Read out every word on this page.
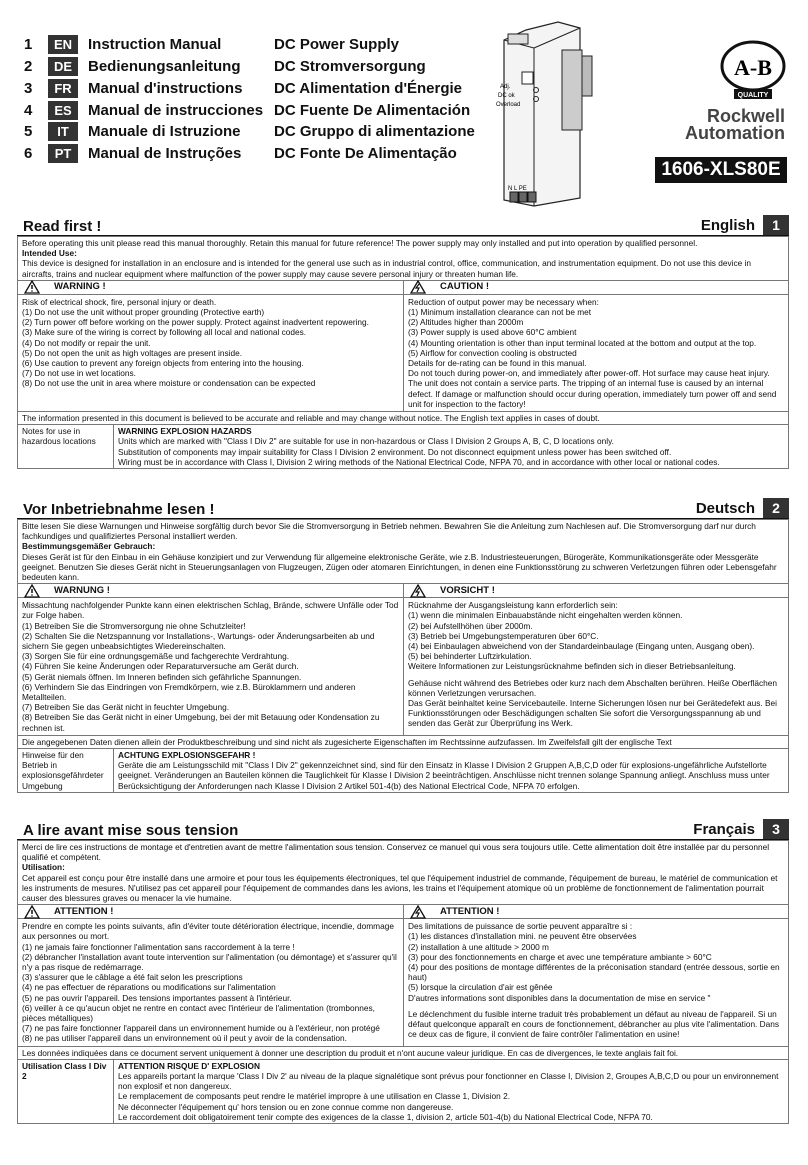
1	EN	Instruction Manual	DC Power Supply
2	DE	Bedienungsanleitung	DC Stromversorgung
3	FR	Manual d'instructions	DC Alimentation d'Énergie
4	ES	Manual de instrucciones DC Fuente De Alimentación
5	IT	Manuale di Istruzione	DC Gruppo di alimentazione
6	PT	Manual de Instruções	DC Fonte De Alimentação
Adj.
DC ok
Overload
N L PE
A-B
QUALITY
Rockwell
Automation
1606-XLS80E
Read first !	English	1
Before operating this unit please read this manual thoroughly. Retain this manual for future reference! The power supply may only installed and put into operation by qualified personnel.
Intended Use:
This device is designed for installation in an enclosure and is intended for the general use such as in industrial control, office, communication, and instrumentation equipment. Do not use this device in aircrafts, trains and nuclear equipment where malfunction of the power supply may cause severe personal injury or threaten human life.
WARNING !
Risk of electrical shock, fire, personal injury or death.
(1) Do not use the unit without proper grounding (Protective earth)
(2) Turn power off before working on the power supply. Protect against inadvertent repowering.
(3) Make sure of the wiring is correct by following all local and national codes.
(4) Do not modify or repair the unit.
(5) Do not open the unit as high voltages are present inside.
(6) Use caution to prevent any foreign objects from entering into the housing.
(7) Do not use in wet locations.
(8) Do not use the unit in area where moisture or condensation can be expected
CAUTION !
Reduction of output power may be necessary when:
(1) Minimum installation clearance can not be met
(2) Altitudes higher than 2000m
(3) Power supply is used above 60°C ambient
(4) Mounting orientation is other than input terminal located at the bottom and output at the top.
(5) Airflow for convection cooling is obstructed
Details for de-rating can be found in this manual.
Do not touch during power-on, and immediately after power-off. Hot surface may cause heat injury.
The unit does not contain a service parts. The tripping of an internal fuse is caused by an internal defect. If damage or malfunction should occur during operation, immediately turn power off and send unit for inspection to the factory!
The information presented in this document is believed to be accurate and reliable and may change without notice. The English text applies in cases of doubt.
Notes for use in hazardous locations
WARNING EXPLOSION HAZARDS
Units which are marked with "Class I Div 2" are suitable for use in non-hazardous or Class I Division 2 Groups A, B, C, D locations only.
Substitution of components may impair suitability for Class I Division 2 environment. Do not disconnect equipment unless power has been switched off.
Wiring must be in accordance with Class I, Division 2 wiring methods of the National Electrical Code, NFPA 70, and in accordance with other local or national codes.
Vor Inbetriebnahme lesen !	Deutsch	2
Bitte lesen Sie diese Warnungen und Hinweise sorgfältig durch bevor Sie die Stromversorgung in Betrieb nehmen. Bewahren Sie die Anleitung zum Nachlesen auf. Die Stromversorgung darf nur durch fachkundiges und qualifiziertes Personal installiert werden.
Bestimmungsgemäßer Gebrauch:
Dieses Gerät ist für den Einbau in ein Gehäuse konzipiert und zur Verwendung für allgemeine elektronische Geräte, wie z.B. Industriesteuerungen, Bürogeräte, Kommunikationsgeräte oder Messgeräte geeignet. Benutzen Sie dieses Gerät nicht in Steuerungsanlagen von Flugzeugen, Zügen oder atomaren Einrichtungen, in denen eine Funktionsstörung zu schweren Verletzungen führen oder Lebensgefahr bedeuten kann.
WARNUNG !
Missachtung nachfolgender Punkte kann einen elektrischen Schlag, Brände, schwere Unfälle oder Tod zur Folge haben.
(1) Betreiben Sie die Stromversorgung nie ohne Schutzleiter!
(2) Schalten Sie die Netzspannung vor Installations-, Wartungs- oder Änderungsarbeiten ab und sichern Sie gegen unbeabsichtigtes Wiedereinschalten.
(3) Sorgen Sie für eine ordnungsgemäße und fachgerechte Verdrahtung.
(4) Führen Sie keine Änderungen oder Reparaturversuche am Gerät durch.
(5) Gerät niemals öffnen. Im Inneren befinden sich gefährliche Spannungen.
(6) Verhindern Sie das Eindringen von Fremdkörpern, wie z.B. Büroklammern und anderen Metallteilen.
(7) Betreiben Sie das Gerät nicht in feuchter Umgebung.
(8) Betreiben Sie das Gerät nicht in einer Umgebung, bei der mit Betauung oder Kondensation zu rechnen ist.
VORSICHT !
Rücknahme der Ausgangsleistung kann erforderlich sein:
(1) wenn die minimalen Einbauabstände nicht eingehalten werden können.
(2) bei Aufstellhöhen über 2000m.
(3) Betrieb bei Umgebungstemperaturen über 60°C.
(4) bei Einbaulagen abweichend von der Standardeinbaulage (Eingang unten, Ausgang oben).
(5) bei behinderter Luftzirkulation.
Weitere Informationen zur Leistungsrücknahme befinden sich in dieser Betriebsanleitung.
Gehäuse nicht während des Betriebes oder kurz nach dem Abschalten berühren. Heiße Oberflächen können Verletzungen verursachen.
Das Gerät beinhaltet keine Servicebauteile. Interne Sicherungen lösen nur bei Gerätedefekt aus. Bei Funktionsstörungen oder Beschädigungen schalten Sie sofort die Versorgungsspannung ab und senden das Gerät zur Überprüfung ins Werk.
Die angegebenen Daten dienen allein der Produktbeschreibung und sind nicht als zugesicherte Eigenschaften im Rechtssinne aufzufassen. Im Zweifelsfall gilt der englische Text
Hinweise für den Betrieb in explosionsgefährdeter Umgebung
ACHTUNG EXPLOSIONSGEFAHR !
Geräte die am Leistungsschild mit "Class I Div 2" gekennzeichnet sind, sind für den Einsatz in Klasse I Division 2 Gruppen A,B,C,D oder für explosions-ungefährliche Aufstellorte geeignet. Veränderungen an Bauteilen können die Tauglichkeit für Klasse I Division 2 beeinträchtigen. Anschlüsse nicht trennen solange Spannung anliegt. Anschluss muss unter Berücksichtigung der Anforderungen nach Klasse I Division 2 Artikel 501-4(b) des National Electrical Code, NFPA 70 erfolgen.
A lire avant mise sous tension	Français	3
Merci de lire ces instructions de montage et d'entretien avant de mettre l'alimentation sous tension. Conservez ce manuel qui vous sera toujours utile. Cette alimentation doit être installée par du personnel qualifié et compétent.
Utilisation:
Cet appareil est conçu pour être installé dans une armoire et pour tous les équipements électroniques, tel que l'équipement industriel de commande, l'équipement de bureau, le matériel de communication et les instruments de mesures. N'utilisez pas cet appareil pour l'équipement de commandes dans les avions, les trains et l'équipement atomique où un problème de fonctionnement de l'alimentation pourrait causer des blessures graves ou menacer la vie humaine.
ATTENTION !
Prendre en compte les points suivants, afin d'éviter toute détérioration électrique, incendie, dommage aux personnes ou mort.
(1) ne jamais faire fonctionner l'alimentation sans raccordement à la terre !
(2) débrancher l'installation avant toute intervention sur l'alimentation (ou démontage) et s'assurer qu'il n'y a pas risque de redémarrage.
(3) s'assurer que le câblage a été fait selon les prescriptions
(4) ne pas effectuer de réparations ou modifications sur l'alimentation
(5) ne pas ouvrir l'appareil. Des tensions importantes passent à l'intérieur.
(6) veiller à ce qu'aucun objet ne rentre en contact avec l'intérieur de l'alimentation (trombonnes, pièces métalliques)
(7) ne pas faire fonctionner l'appareil dans un environnement humide ou à l'extérieur, non protégé
(8) ne pas utiliser l'appareil dans un environnement où il peut y avoir de la condensation.
ATTENTION !
Des limitations de puissance de sortie peuvent apparaître si :
(1) les distances d'installation mini. ne peuvent être observées
(2) installation à une altitude > 2000 m
(3) pour des fonctionnements en charge et avec une température ambiante > 60°C
(4) pour des positions de montage différentes de la préconisation standard (entrée dessous, sortie en haut)
(5) lorsque la circulation d'air est gênée
D'autres informations sont disponibles dans la documentation de mise en service "
Le déclenchment du fusible interne traduit très probablement un défaut au niveau de l'appareil. Si un défaut quelconque apparaît en cours de fonctionnement, débrancher au plus vite l'alimentation. Dans ce deux cas de figure, il convient de faire contrôler l'alimentation en usine!
Les données indiquées dans ce document servent uniquement à donner une description du produit et n'ont aucune valeur juridique. En cas de divergences, le texte anglais fait foi.
Utilisation Class I Div 2
ATTENTION RISQUE D' EXPLOSION
Les appareils portant la marque 'Class I Div 2' au niveau de la plaque signalétique sont prévus pour fonctionner en Classe I, Division 2, Groupes A,B,C,D ou pour un environnement non explosif et non dangereux.
Le remplacement de composants peut rendre le matériel impropre à une utilisation en Classe 1, Division 2.
Ne déconnecter l'équipement qu' hors tension ou en zone connue comme non dangereuse.
Le raccordement doit obligatoirement tenir compte des exigences de la classe 1, division 2, article 501-4(b) du National Electrical Code, NFPA 70.
